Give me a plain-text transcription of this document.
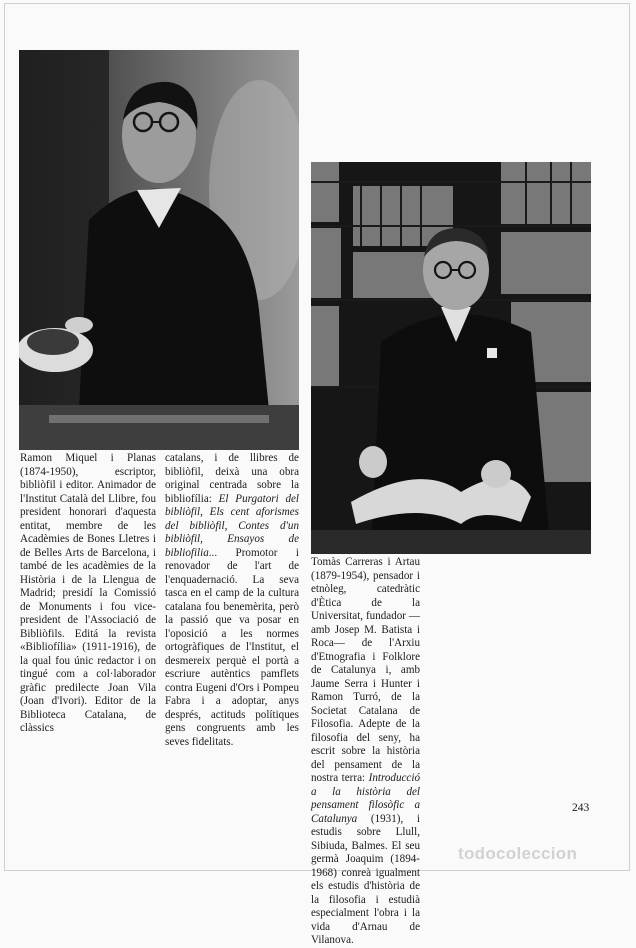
Ramon Miquel i Planas (1874-1950), escriptor, bibliòfil i editor. Animador de l'Institut Català del Llibre, fou president honorari d'aquesta entitat, membre de les Acadèmies de Bones Lletres i de Belles Arts de Barcelona, i també de les acadèmies de la Història i de la Llengua de Madrid; presidí la Comissió de Monuments i fou vice-president de l'Associació de Bibliòfils. Editá la revista «Bibliofília» (1911-1916), de la qual fou únic redactor i on tingué com a col·laborador gràfic predilecte Joan Vila (Joan d'Ivori). Editor de la Biblioteca Catalana, de clàssics

catalans, i de llibres de bibliòfil, deixà una obra original centrada sobre la bibliofília: El Purgatori del bibliòfil, Els cent aforismes del bibliòfil, Contes d'un bibliòfil, Ensayos de bibliofilia... Promotor i renovador de l'art de l'enquadernació. La seva tasca en el camp de la cultura catalana fou benemèrita, però la passió que va posar en l'oposició a les normes ortogràfiques de l'Institut, el desmereix perquè el portà a escriure autèntics pamflets contra Eugeni d'Ors i Pompeu Fabra i a adoptar, anys després, actituds polítiques gens congruents amb les seves fidelitats.

Tomàs Carreras i Artau (1879-1954), pensador i etnòleg, catedràtic d'Ètica de la Universitat, fundador —amb Josep M. Batista i Roca— de l'Arxiu d'Etnografia i Folklore de Catalunya i, amb Jaume Serra i Hunter i Ramon Turró, de la Societat Catalana de Filosofia. Adepte de la filosofia del seny, ha escrit sobre la història del pensament de la nostra terra: Introducció a la història del pensament filosòfic a Catalunya (1931), i estudis sobre Llull, Sibiuda, Balmes. El seu germà Joaquim (1894-1968) conreà igualment els estudis d'història de la filosofia i estudià especialment l'obra i la vida d'Arnau de Vilanova.

243
todocoleccion
